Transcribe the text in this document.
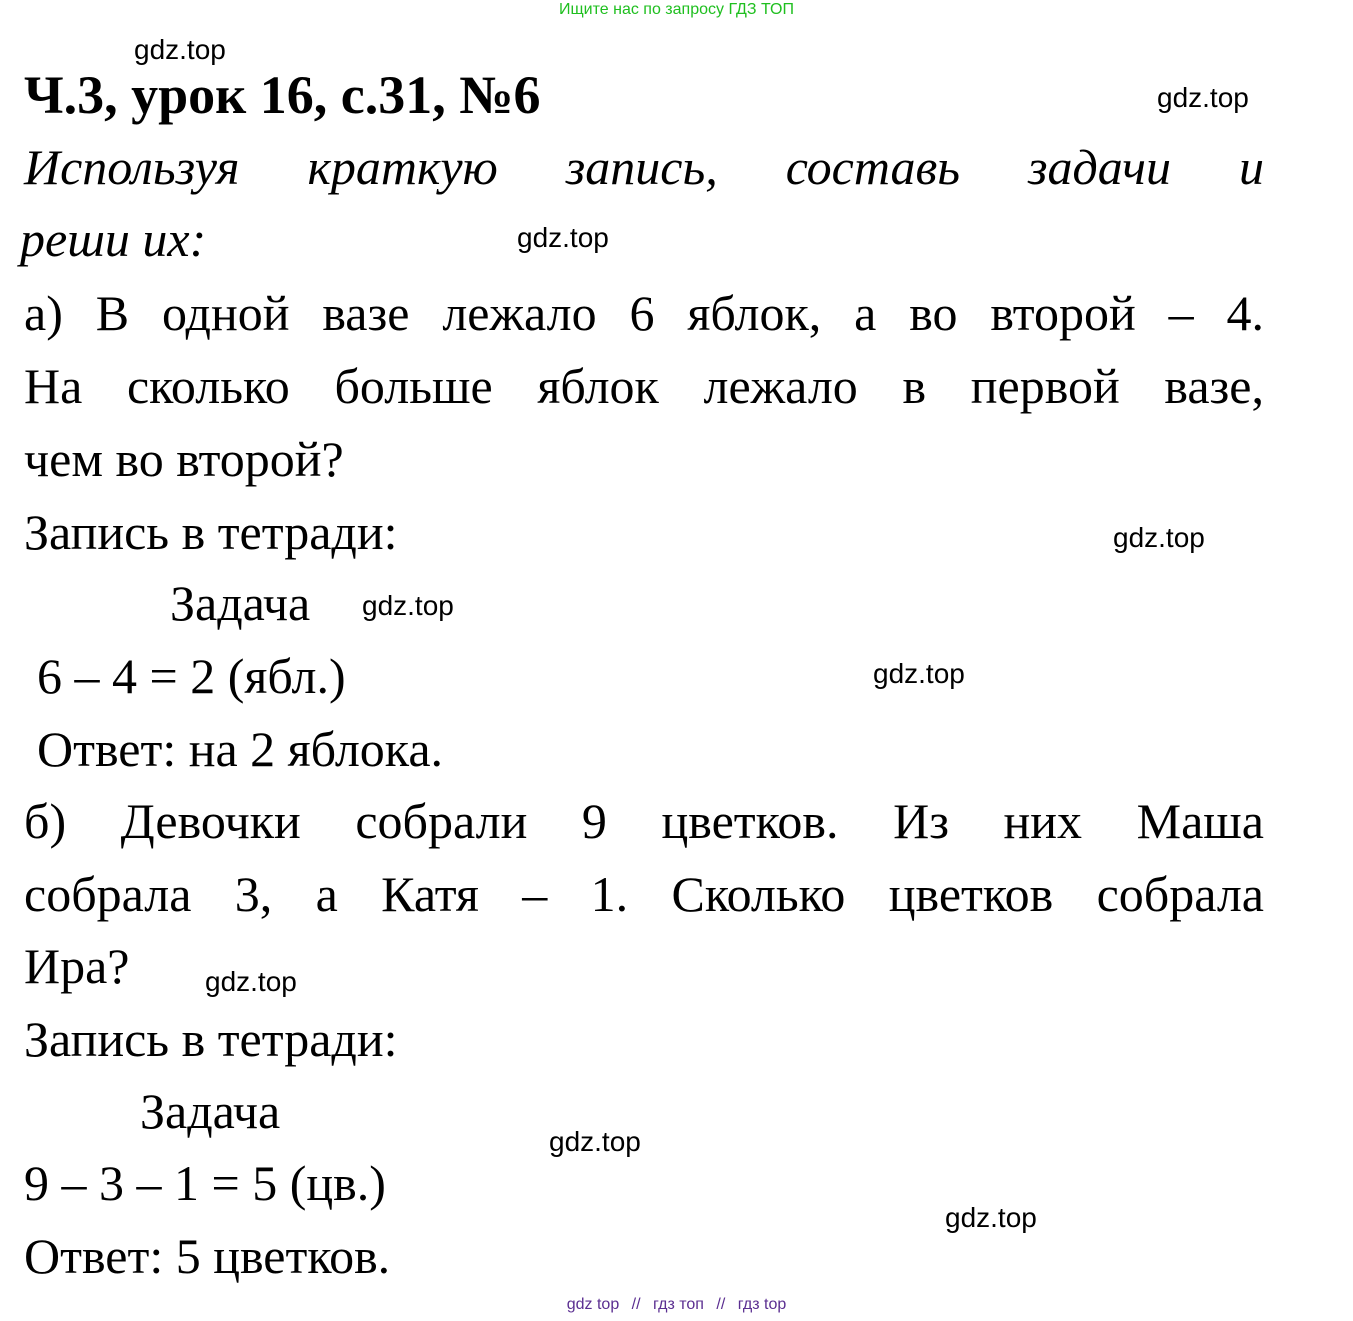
Ищите нас по запросу ГДЗ ТОП
gdz.top
Ч.3, урок 16, с.31, №6	gdz.top
Используя краткую запись, составь задачи и
реши их:	gdz.top
а) В одной вазе лежало 6 яблок, а во второй – 4.
На сколько больше яблок лежало в первой вазе,
чем во второй?
Запись в тетради:	gdz.top
Задача gdz.top
6 – 4 = 2 (ябл.)	gdz.top
Ответ: на 2 яблока.
б) Девочки собрали 9 цветков. Из них Маша
собрала 3, а Катя – 1. Сколько цветков собрала
Ира?	gdz.top
Запись в тетради:
Задача
gdz.top
9 – 3 – 1 = 5 (цв.)
gdz.top
Ответ: 5 цветков.
gdz top // гдз топ // гдз top
